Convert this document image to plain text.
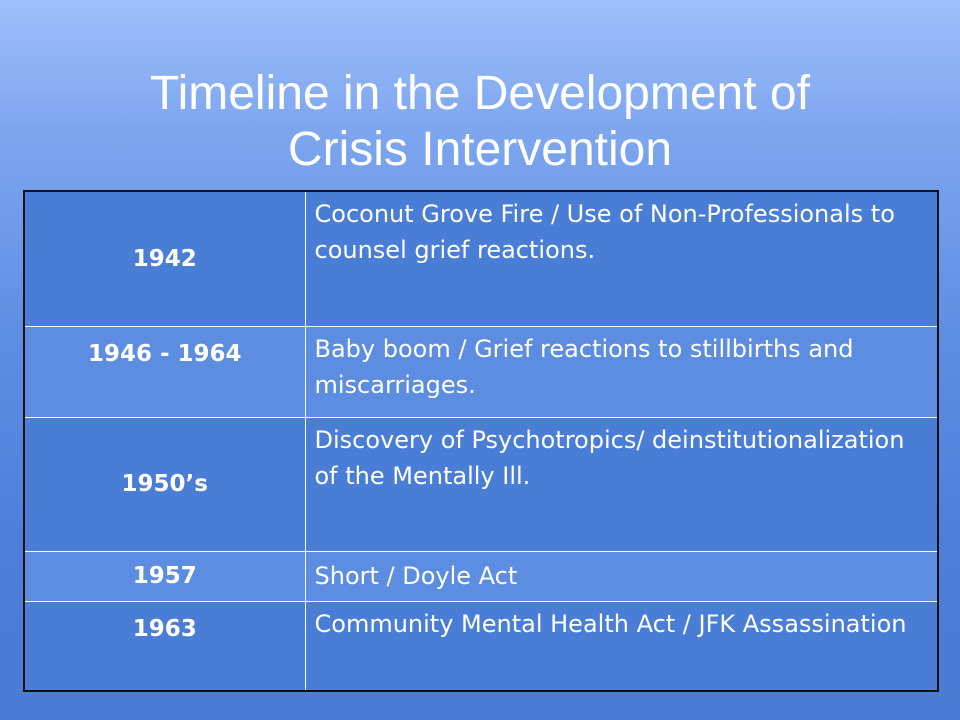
Timeline in the Development of
Crisis Intervention
1942	Coconut Grove Fire / Use of Non-Professionals to counsel grief reactions.
1946 - 1964	Baby boom / Grief reactions to stillbirths and miscarriages.
1950’s	Discovery of Psychotropics/ deinstitutionalization of the Mentally Ill.
1957	Short / Doyle Act
1963	Community Mental Health Act / JFK Assassination
